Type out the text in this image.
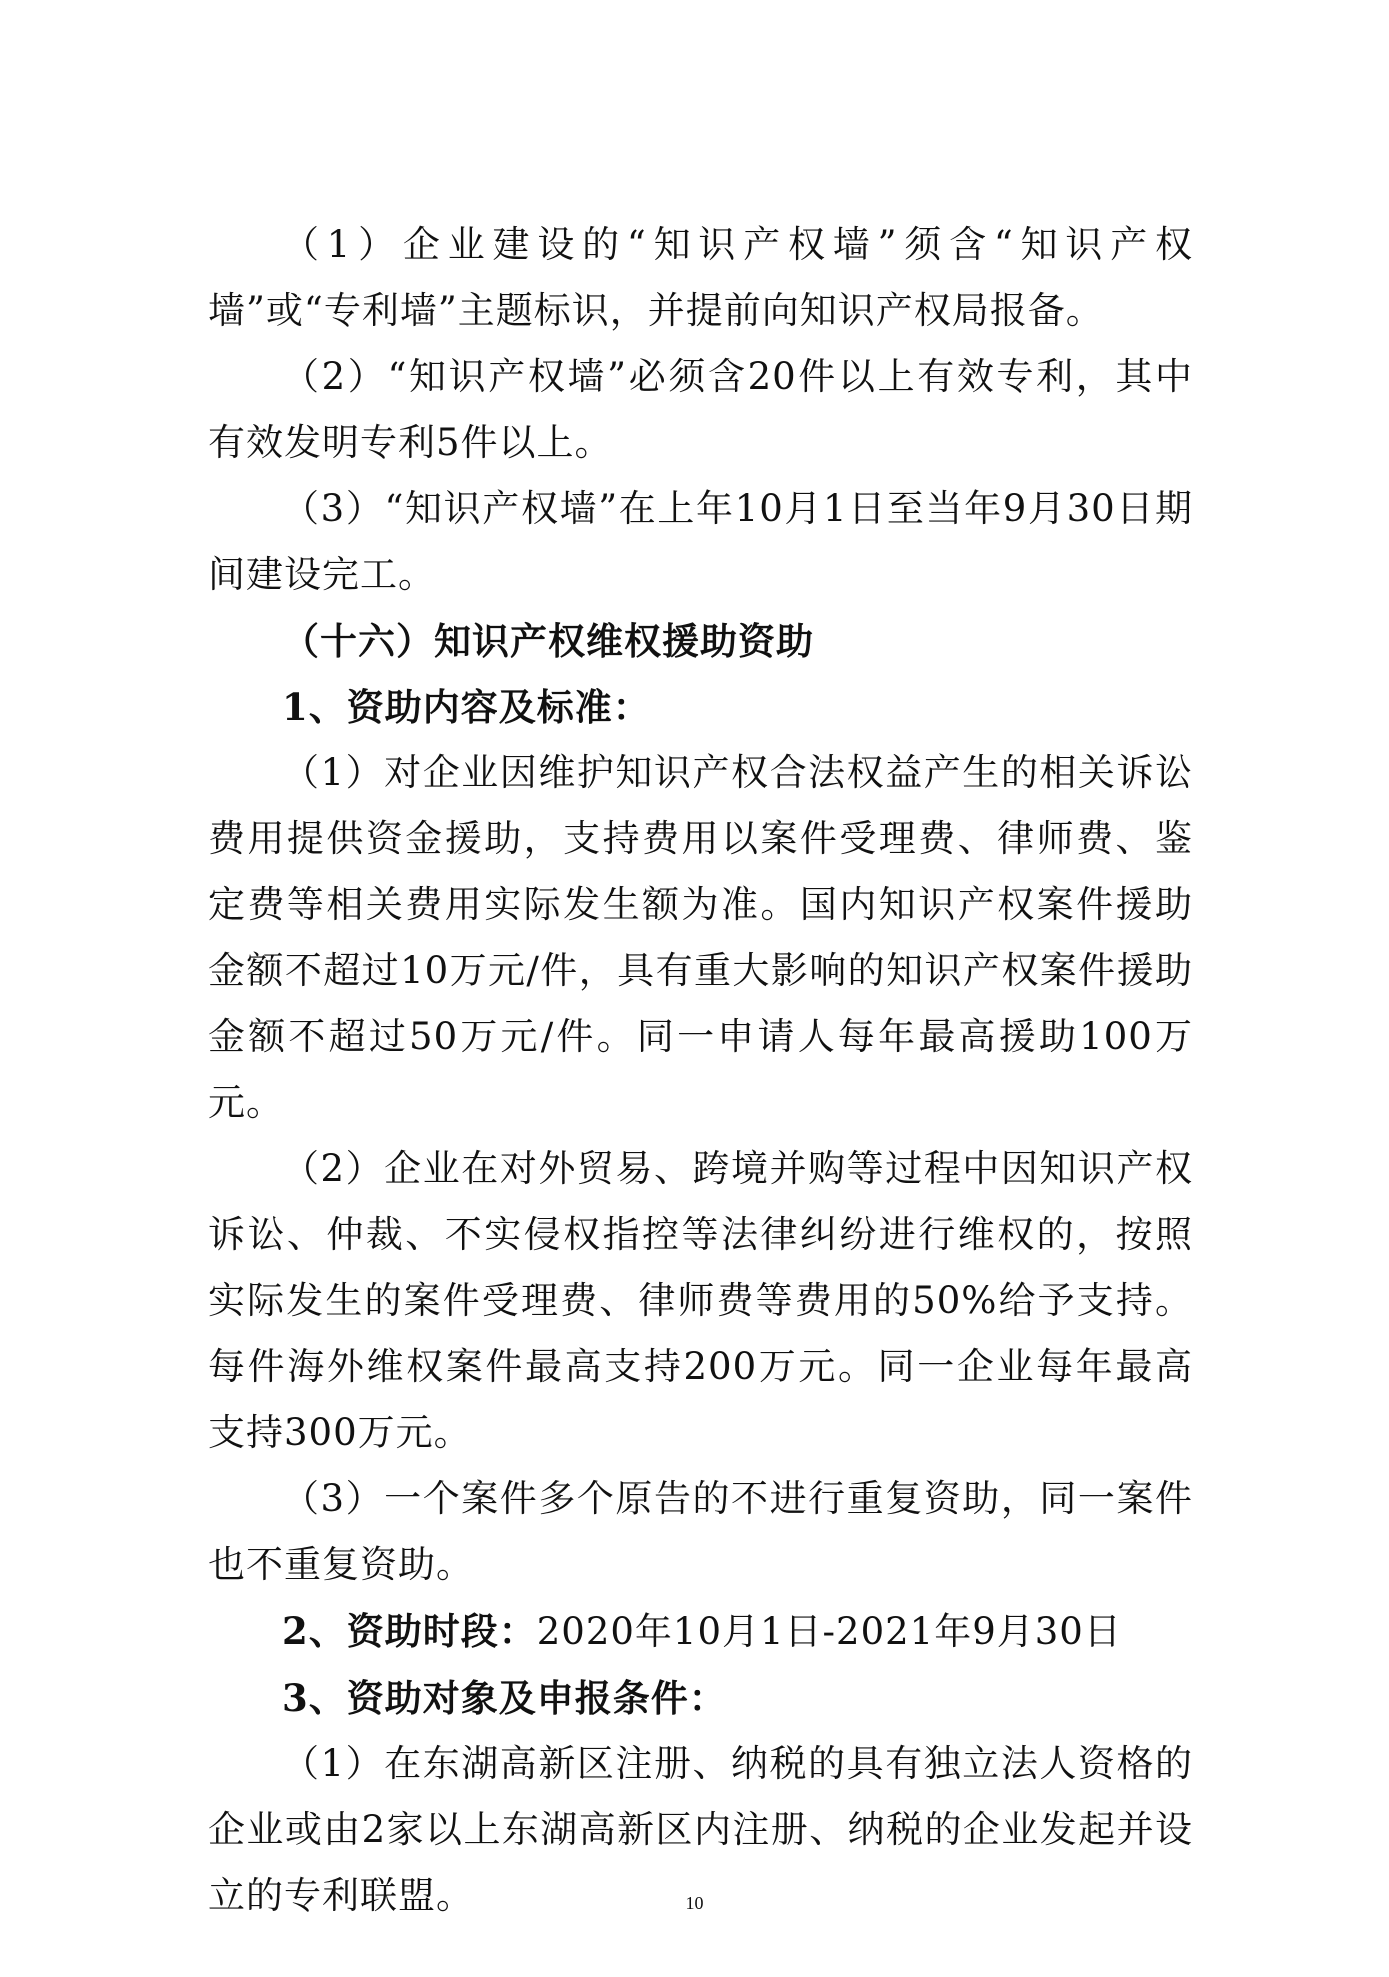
（1）企业建设的“知识产权墙”须含“知识产权墙”或“专利墙”主题标识，并提前向知识产权局报备。

（2）“知识产权墙”必须含20件以上有效专利，其中有效发明专利5件以上。

（3）“知识产权墙”在上年10月1日至当年9月30日期间建设完工。

（十六）知识产权维权援助资助

1、资助内容及标准：

（1）对企业因维护知识产权合法权益产生的相关诉讼费用提供资金援助，支持费用以案件受理费、律师费、鉴定费等相关费用实际发生额为准。国内知识产权案件援助金额不超过10万元/件，具有重大影响的知识产权案件援助金额不超过50万元/件。同一申请人每年最高援助100万元。

（2）企业在对外贸易、跨境并购等过程中因知识产权诉讼、仲裁、不实侵权指控等法律纠纷进行维权的，按照实际发生的案件受理费、律师费等费用的50%给予支持。每件海外维权案件最高支持200万元。同一企业每年最高支持300万元。

（3）一个案件多个原告的不进行重复资助，同一案件也不重复资助。

2、资助时段：2020年10月1日-2021年9月30日

3、资助对象及申报条件：

（1）在东湖高新区注册、纳税的具有独立法人资格的企业或由2家以上东湖高新区内注册、纳税的企业发起并设立的专利联盟。	10
